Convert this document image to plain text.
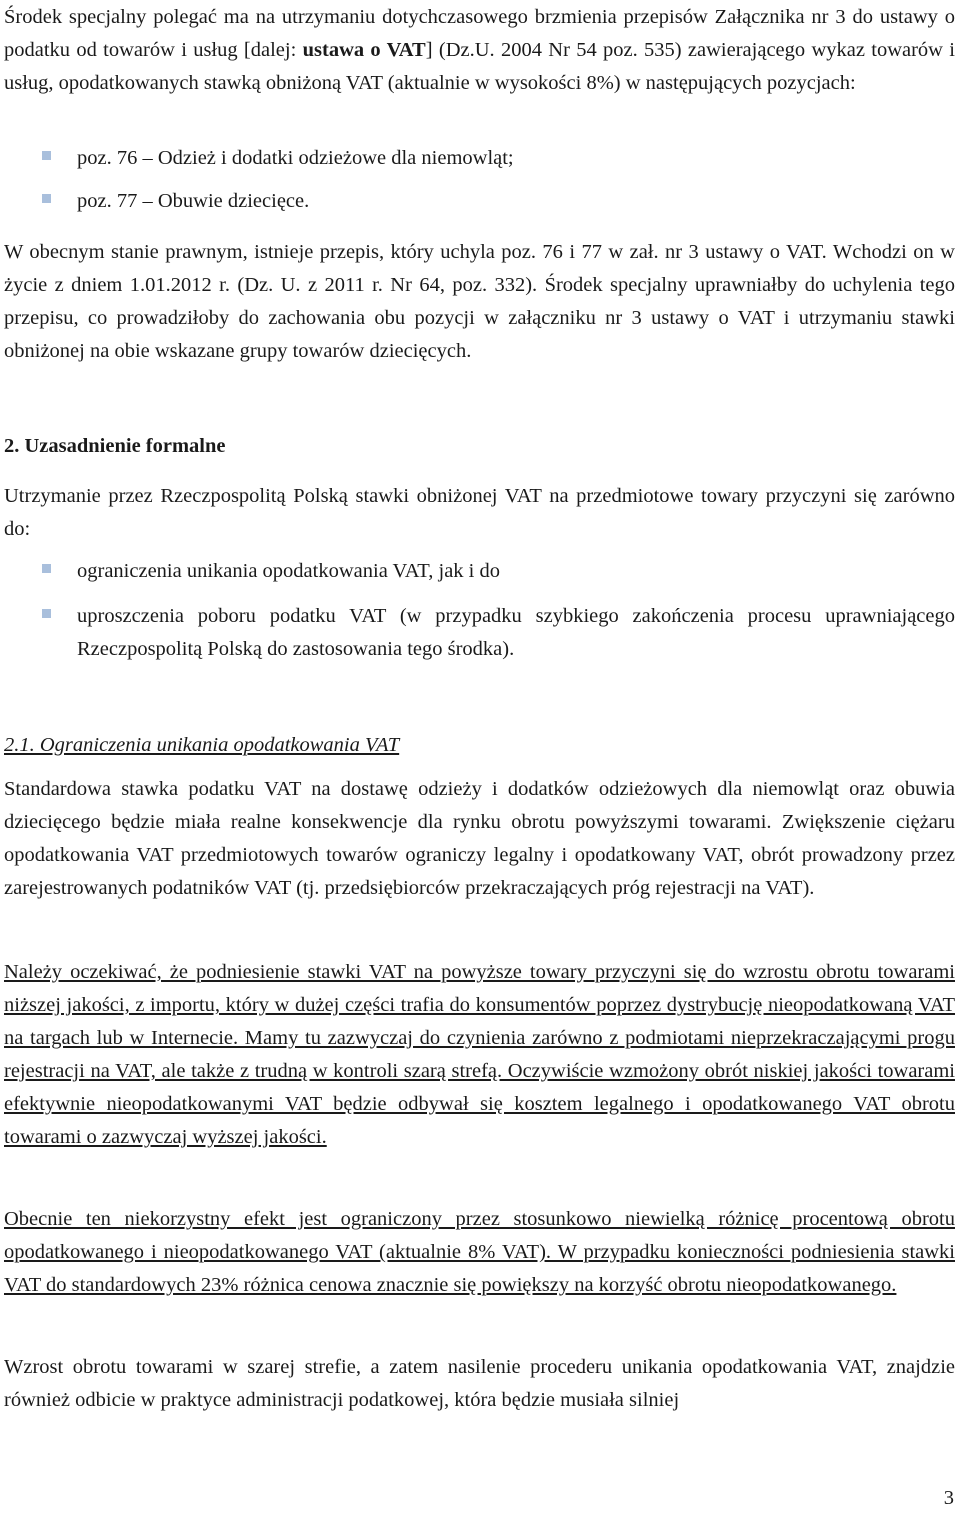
Środek specjalny polegać ma na utrzymaniu dotychczasowego brzmienia przepisów Załącznika nr 3 do ustawy o podatku od towarów i usług [dalej: ustawa o VAT] (Dz.U. 2004 Nr 54 poz. 535) zawierającego wykaz towarów i usług, opodatkowanych stawką obniżoną VAT (aktualnie w wysokości 8%) w następujących pozycjach:

poz. 76 – Odzież i dodatki odzieżowe dla niemowląt;
poz. 77 – Obuwie dziecięce.

W obecnym stanie prawnym, istnieje przepis, który uchyla poz. 76 i 77 w zał. nr 3 ustawy o VAT. Wchodzi on w życie z dniem 1.01.2012 r. (Dz. U. z 2011 r. Nr 64, poz. 332). Środek specjalny uprawniałby do uchylenia tego przepisu, co prowadziłoby do zachowania obu pozycji w załączniku nr 3 ustawy o VAT i utrzymaniu stawki obniżonej na obie wskazane grupy towarów dziecięcych.

2. Uzasadnienie formalne

Utrzymanie przez Rzeczpospolitą Polską stawki obniżonej VAT na przedmiotowe towary przyczyni się zarówno do:

ograniczenia unikania opodatkowania VAT, jak i do
uproszczenia poboru podatku VAT (w przypadku szybkiego zakończenia procesu uprawniającego Rzeczpospolitą Polską do zastosowania tego środka).

2.1. Ograniczenia unikania opodatkowania VAT

Standardowa stawka podatku VAT na dostawę odzieży i dodatków odzieżowych dla niemowląt oraz obuwia dziecięcego będzie miała realne konsekwencje dla rynku obrotu powyższymi towarami. Zwiększenie ciężaru opodatkowania VAT przedmiotowych towarów ograniczy legalny i opodatkowany VAT, obrót prowadzony przez zarejestrowanych podatników VAT (tj. przedsiębiorców przekraczających próg rejestracji na VAT).

Należy oczekiwać, że podniesienie stawki VAT na powyższe towary przyczyni się do wzrostu obrotu towarami niższej jakości, z importu, który w dużej części trafia do konsumentów poprzez dystrybucję nieopodatkowaną VAT na targach lub w Internecie. Mamy tu zazwyczaj do czynienia zarówno z podmiotami nieprzekraczającymi progu rejestracji na VAT, ale także z trudną w kontroli szarą strefą. Oczywiście wzmożony obrót niskiej jakości towarami efektywnie nieopodatkowanymi VAT będzie odbywał się kosztem legalnego i opodatkowanego VAT obrotu towarami o zazwyczaj wyższej jakości.

Obecnie ten niekorzystny efekt jest ograniczony przez stosunkowo niewielką różnicę procentową obrotu opodatkowanego i nieopodatkowanego VAT (aktualnie 8% VAT). W przypadku konieczności podniesienia stawki VAT do standardowych 23% różnica cenowa znacznie się powiększy na korzyść obrotu nieopodatkowanego.

Wzrost obrotu towarami w szarej strefie, a zatem nasilenie procederu unikania opodatkowania VAT, znajdzie również odbicie w praktyce administracji podatkowej, która będzie musiała silniej

3
